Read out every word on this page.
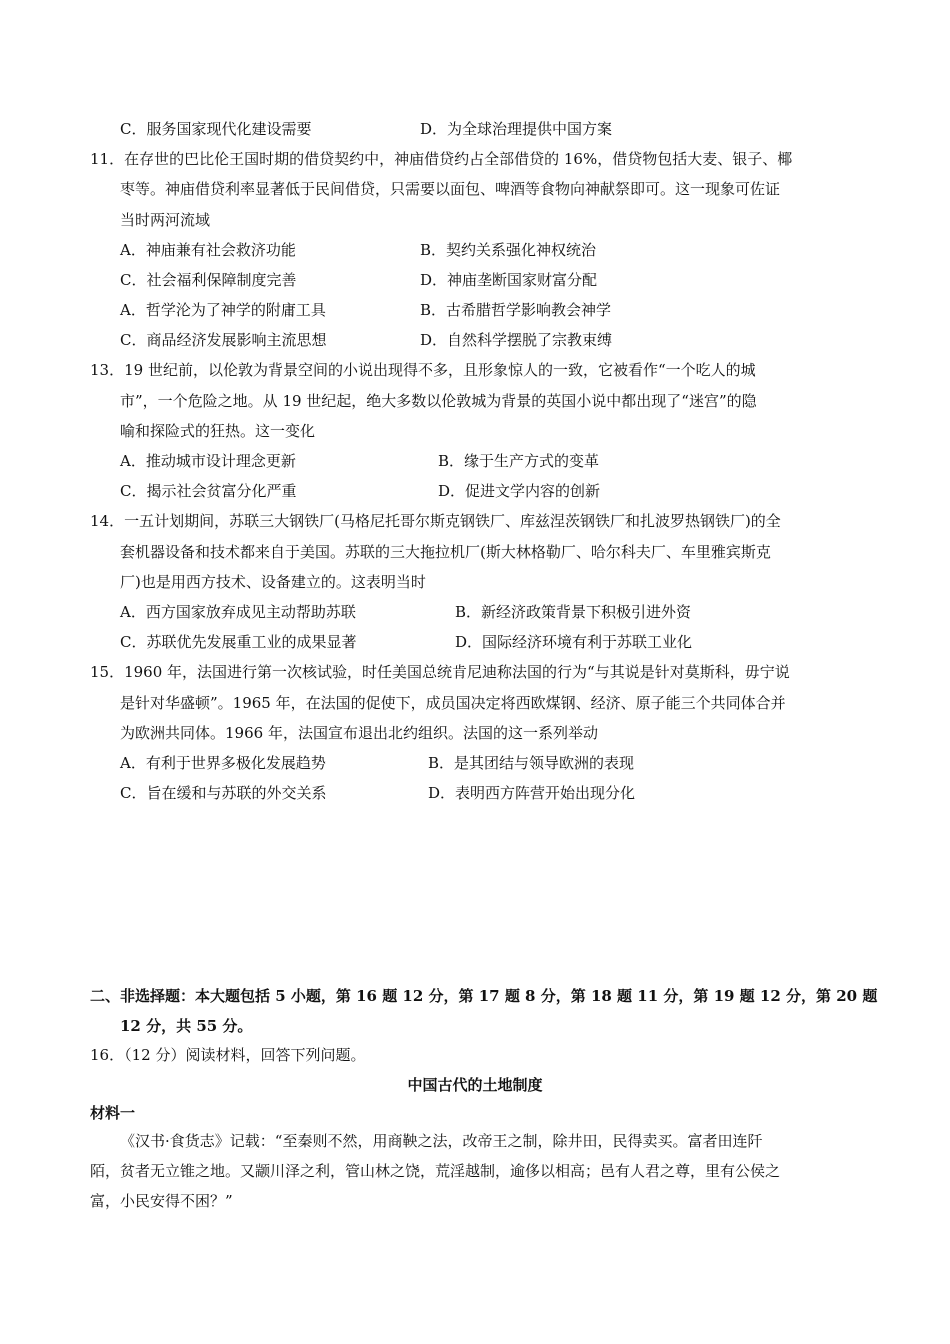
C．服务国家现代化建设需要	D．为全球治理提供中国方案
11．在存世的巴比伦王国时期的借贷契约中，神庙借贷约占全部借贷的 16%，借贷物包括大麦、银子、椰
枣等。神庙借贷利率显著低于民间借贷，只需要以面包、啤酒等食物向神献祭即可。这一现象可佐证
当时两河流域
A．神庙兼有社会救济功能	B．契约关系强化神权统治
C．社会福利保障制度完善	D．神庙垄断国家财富分配
A．哲学沦为了神学的附庸工具	B．古希腊哲学影响教会神学
C．商品经济发展影响主流思想	D．自然科学摆脱了宗教束缚
13．19 世纪前，以伦敦为背景空间的小说出现得不多，且形象惊人的一致，它被看作“一个吃人的城
市”，一个危险之地。从 19 世纪起，绝大多数以伦敦城为背景的英国小说中都出现了“迷宫”的隐
喻和探险式的狂热。这一变化
A．推动城市设计理念更新	B．缘于生产方式的变革
C．揭示社会贫富分化严重	D．促进文学内容的创新
14．一五计划期间，苏联三大钢铁厂(马格尼托哥尔斯克钢铁厂、库兹涅茨钢铁厂和扎波罗热钢铁厂)的全
套机器设备和技术都来自于美国。苏联的三大拖拉机厂(斯大林格勒厂、哈尔科夫厂、车里雅宾斯克
厂)也是用西方技术、设备建立的。这表明当时
A．西方国家放弃成见主动帮助苏联	B．新经济政策背景下积极引进外资
C．苏联优先发展重工业的成果显著	D．国际经济环境有利于苏联工业化
15．1960 年，法国进行第一次核试验，时任美国总统肯尼迪称法国的行为“与其说是针对莫斯科，毋宁说
是针对华盛顿”。1965 年，在法国的促使下，成员国决定将西欧煤钢、经济、原子能三个共同体合并
为欧洲共同体。1966 年，法国宣布退出北约组织。法国的这一系列举动
A．有利于世界多极化发展趋势	B．是其团结与领导欧洲的表现
C．旨在缓和与苏联的外交关系	D．表明西方阵营开始出现分化
二、非选择题：本大题包括 5 小题，第 16 题 12 分，第 17 题 8 分，第 18 题 11 分，第 19 题 12 分，第 20 题
12 分，共 55 分。
16．（12 分）阅读材料，回答下列问题。
中国古代的土地制度
材料一
《汉书·食货志》记载：“至秦则不然，用商鞅之法，改帝王之制，除井田，民得卖买。富者田连阡
陌，贫者无立锥之地。又颛川泽之利，管山林之饶，荒淫越制，逾侈以相高；邑有人君之尊，里有公侯之
富，小民安得不困？”
